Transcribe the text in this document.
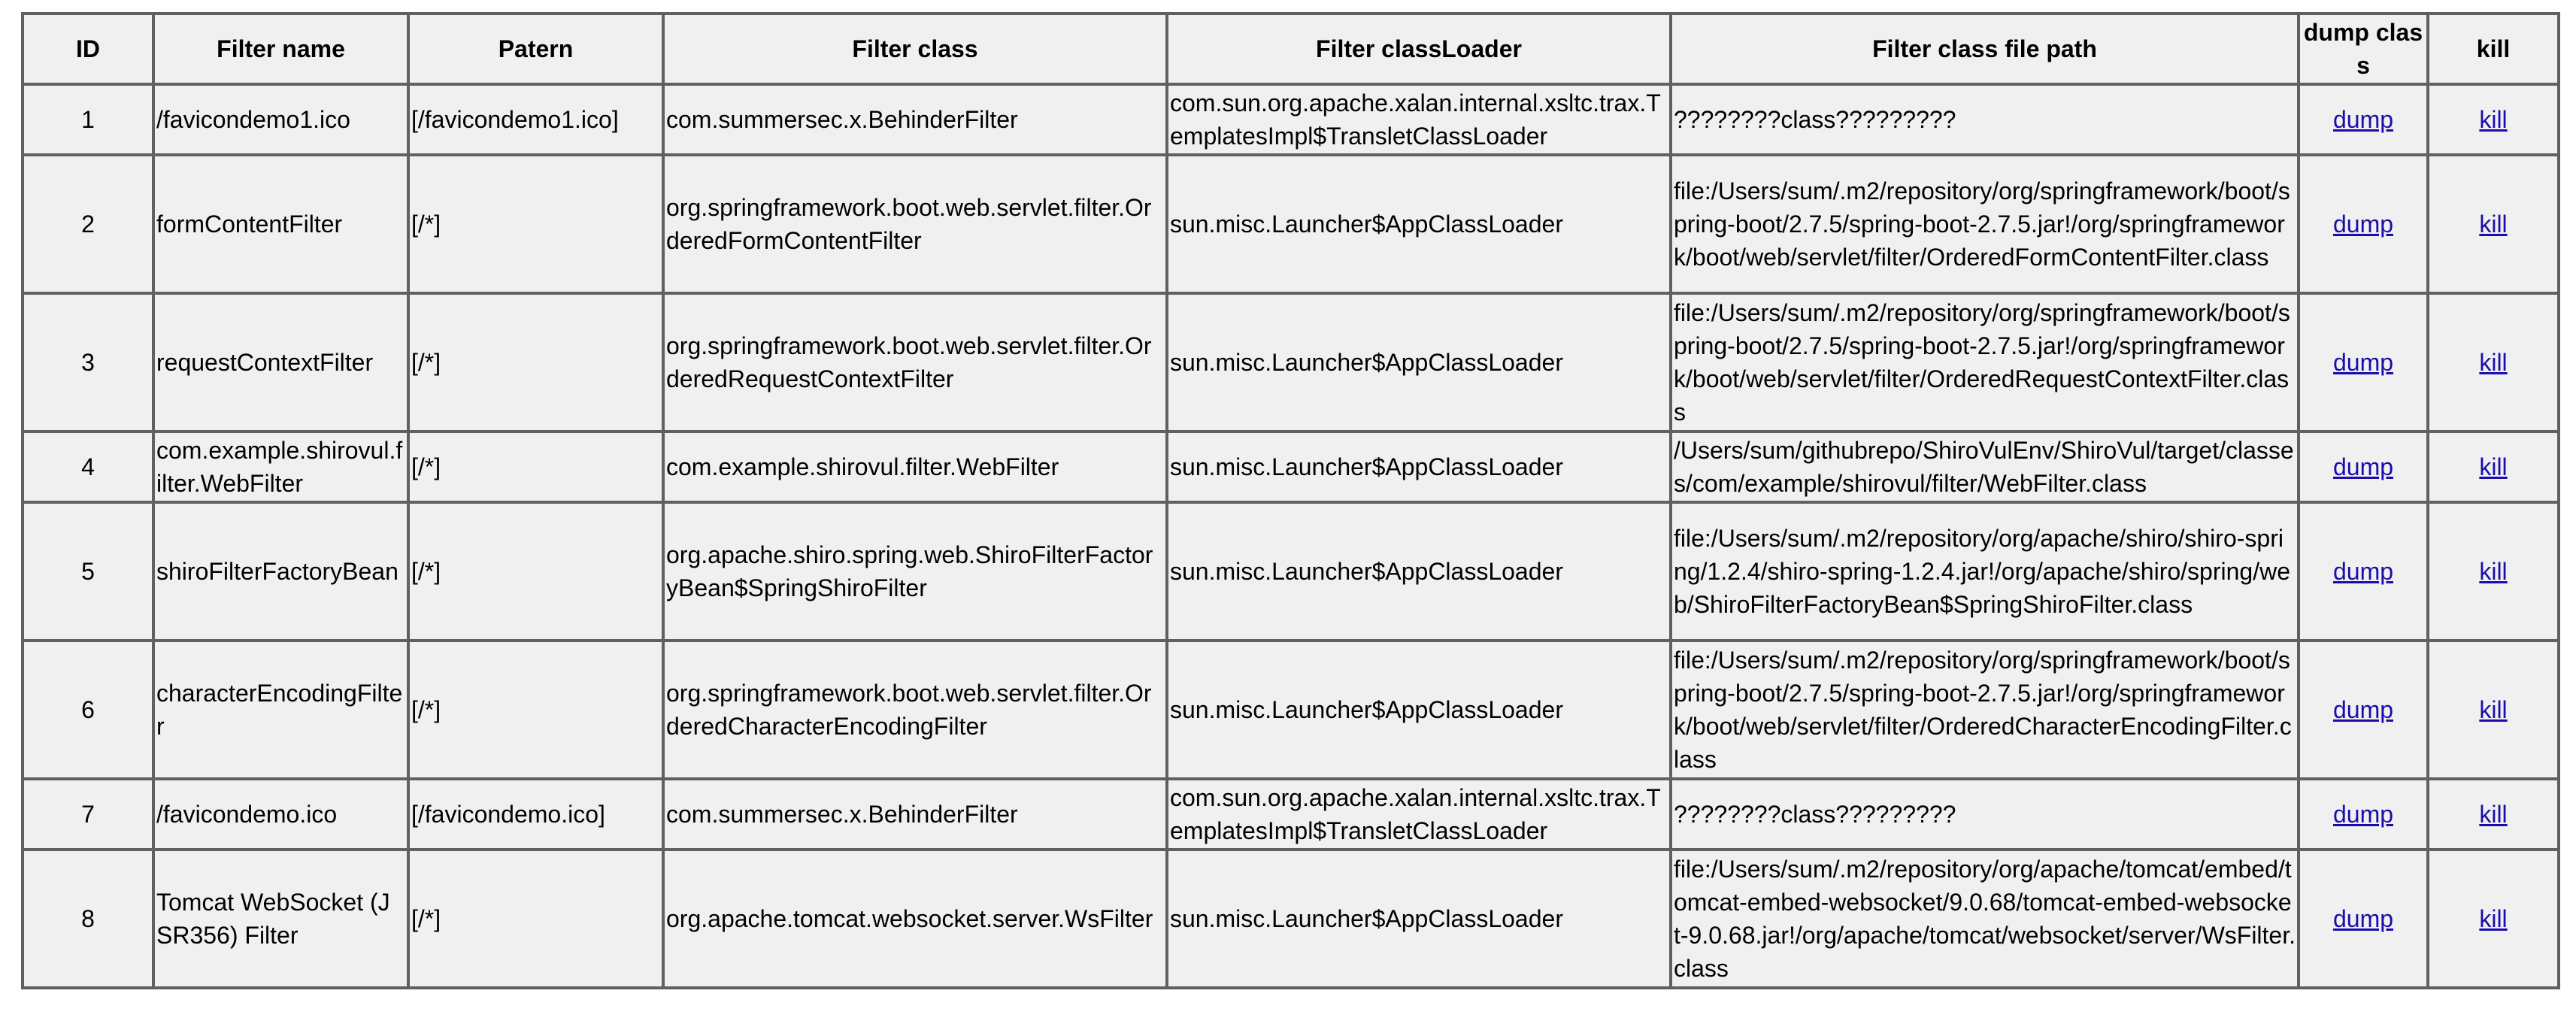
ID	Filter name	Patern	Filter class	Filter classLoader	Filter class file path	dump class	kill
1	/favicondemo1.ico	[/favicondemo1.ico]	com.summersec.x.BehinderFilter	com.sun.org.apache.xalan.internal.xsltc.trax.TemplatesImpl$TransletClassLoader	????????class?????????	dump	kill
2	formContentFilter	[/*]	org.springframework.boot.web.servlet.filter.OrderedFormContentFilter	sun.misc.Launcher$AppClassLoader	file:/Users/sum/.m2/repository/org/springframework/boot/spring-boot/2.7.5/spring-boot-2.7.5.jar!/org/springframework/boot/web/servlet/filter/OrderedFormContentFilter.class	dump	kill
3	requestContextFilter	[/*]	org.springframework.boot.web.servlet.filter.OrderedRequestContextFilter	sun.misc.Launcher$AppClassLoader	file:/Users/sum/.m2/repository/org/springframework/boot/spring-boot/2.7.5/spring-boot-2.7.5.jar!/org/springframework/boot/web/servlet/filter/OrderedRequestContextFilter.class	dump	kill
4	com.example.shirovul.filter.WebFilter	[/*]	com.example.shirovul.filter.WebFilter	sun.misc.Launcher$AppClassLoader	/Users/sum/githubrepo/ShiroVulEnv/ShiroVul/target/classes/com/example/shirovul/filter/WebFilter.class	dump	kill
5	shiroFilterFactoryBean	[/*]	org.apache.shiro.spring.web.ShiroFilterFactoryBean$SpringShiroFilter	sun.misc.Launcher$AppClassLoader	file:/Users/sum/.m2/repository/org/apache/shiro/shiro-spring/1.2.4/shiro-spring-1.2.4.jar!/org/apache/shiro/spring/web/ShiroFilterFactoryBean$SpringShiroFilter.class	dump	kill
6	characterEncodingFilter	[/*]	org.springframework.boot.web.servlet.filter.OrderedCharacterEncodingFilter	sun.misc.Launcher$AppClassLoader	file:/Users/sum/.m2/repository/org/springframework/boot/spring-boot/2.7.5/spring-boot-2.7.5.jar!/org/springframework/boot/web/servlet/filter/OrderedCharacterEncodingFilter.class	dump	kill
7	/favicondemo.ico	[/favicondemo.ico]	com.summersec.x.BehinderFilter	com.sun.org.apache.xalan.internal.xsltc.trax.TemplatesImpl$TransletClassLoader	????????class?????????	dump	kill
8	Tomcat WebSocket (JSR356) Filter	[/*]	org.apache.tomcat.websocket.server.WsFilter	sun.misc.Launcher$AppClassLoader	file:/Users/sum/.m2/repository/org/apache/tomcat/embed/tomcat-embed-websocket/9.0.68/tomcat-embed-websocket-9.0.68.jar!/org/apache/tomcat/websocket/server/WsFilter.class	dump	kill
